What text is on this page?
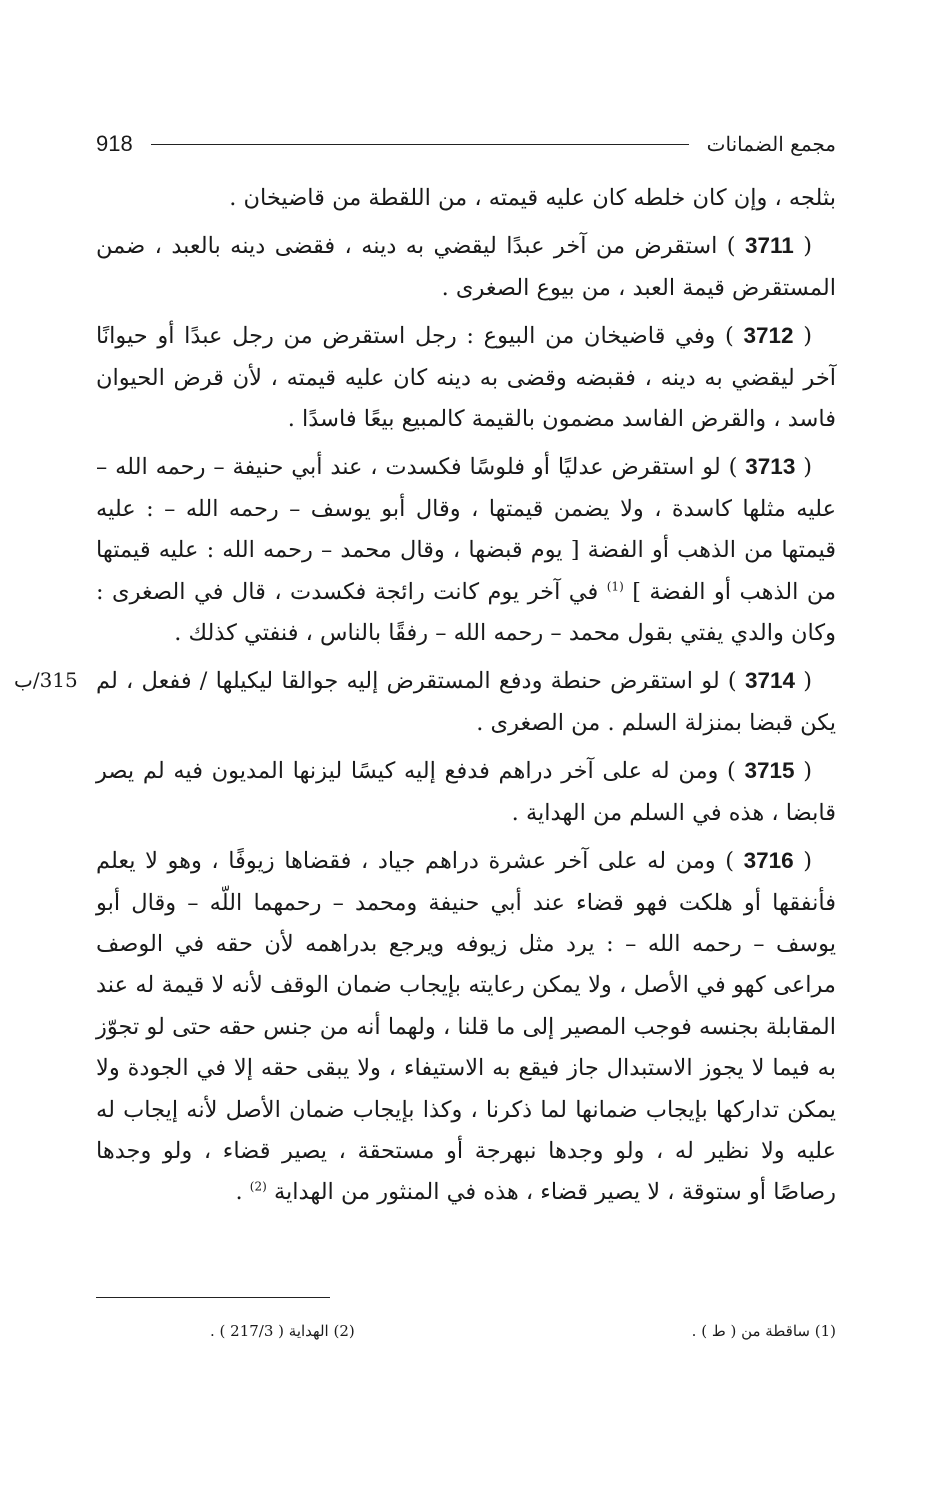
مجمع الضمانات
918

بثلجه ، وإن كان خلطه كان عليه قيمته ، من اللقطة من قاضيخان .

( 3711 ) استقرض من آخر عبدًا ليقضي به دينه ، فقضى دينه بالعبد ، ضمن المستقرض قيمة العبد ، من بيوع الصغرى .

( 3712 ) وفي قاضيخان من البيوع : رجل استقرض من رجل عبدًا أو حيوانًا آخر ليقضي به دينه ، فقبضه وقضى به دينه كان عليه قيمته ، لأن قرض الحيوان فاسد ، والقرض الفاسد مضمون بالقيمة كالمبيع بيعًا فاسدًا .

( 3713 ) لو استقرض عدليًا أو فلوسًا فكسدت ، عند أبي حنيفة – رحمه الله – عليه مثلها كاسدة ، ولا يضمن قيمتها ، وقال أبو يوسف – رحمه الله – : عليه قيمتها من الذهب أو الفضة [ يوم قبضها ، وقال محمد – رحمه الله : عليه قيمتها من الذهب أو الفضة ] $^{(1)}$ في آخر يوم كانت رائجة فكسدت ، قال في الصغرى : وكان والدي يفتي بقول محمد – رحمه الله – رفقًا بالناس ، فنفتي كذلك .

315/ب	( 3714 ) لو استقرض حنطة ودفع المستقرض إليه جوالقا ليكيلها / ففعل ، لم يكن قبضا بمنزلة السلم . من الصغرى .

( 3715 ) ومن له على آخر دراهم فدفع إليه كيسًا ليزنها المديون فيه لم يصر قابضا ، هذه في السلم من الهداية .

( 3716 ) ومن له على آخر عشرة دراهم جياد ، فقضاها زيوفًا ، وهو لا يعلم فأنفقها أو هلكت فهو قضاء عند أبي حنيفة ومحمد – رحمهما اللّه – وقال أبو يوسف – رحمه الله – : يرد مثل زيوفه ويرجع بدراهمه لأن حقه في الوصف مراعى كهو في الأصل ، ولا يمكن رعايته بإيجاب ضمان الوقف لأنه لا قيمة له عند المقابلة بجنسه فوجب المصير إلى ما قلنا ، ولهما أنه من جنس حقه حتى لو تجوّز به فيما لا يجوز الاستبدال جاز فيقع به الاستيفاء ، ولا يبقى حقه إلا في الجودة ولا يمكن تداركها بإيجاب ضمانها لما ذكرنا ، وكذا بإيجاب ضمان الأصل لأنه إيجاب له عليه ولا نظير له ، ولو وجدها نبهرجة أو مستحقة ، يصير قضاء ، ولو وجدها رصاصًا أو ستوقة ، لا يصير قضاء ، هذه في المنثور من الهداية $^{(2)}$ .

(1) ساقطة من ( ط ) .
(2) الهداية ( 217/3 ) .
